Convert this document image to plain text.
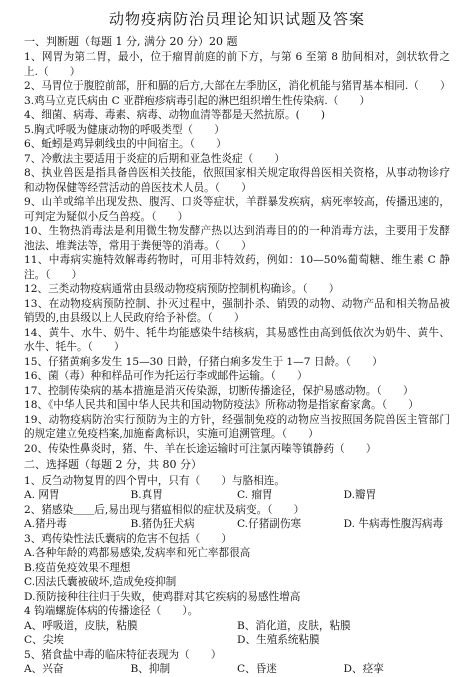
动物疫病防治员理论知识试题及答案
一、判断题（每题 1 分, 满分 20 分）20 题

1、网胃为第二胃，最小，位于瘤胃前庭的前下方，与第 6 至第 8 肋间相对，剑状软骨之上.（　　）

2、马胃位于腹腔前部，肝和膈的后方,大部在左季肋区，消化机能与猪胃基本相同.（　　）

3.鸡马立克氏病由 C 亚群疱疹病毒引起的淋巴组织增生性传染病.（　　）

4、细菌、病毒、毒素、病毒、动物血清等都是天然抗原。(　　)

5.胸式呼吸为健康动物的呼吸类型（　　）

6、蚯蚓是鸡异刺线虫的中间宿主。（　　）

7、冷敷法主要适用于炎症的后期和亚急性炎症（　　）

8、执业兽医是指具备兽医相关技能，依照国家相关规定取得兽医相关资格，从事动物诊疗和动物保健等经营活动的兽医技术人员。（　　）

9、山羊或绵羊出现发热、腹泻、口炎等症状，羊群暴发疾病，病死率较高，传播迅速的，可判定为疑似小反刍兽疫。（　　）

10、生物热消毒法是利用微生物发酵产热以达到消毒目的的一种消毒方法，主要用于发酵池法、堆粪法等，常用于粪便等的消毒。（　　）

11、中毒病实施特效解毒药物时，可用非特效药，例如：10—50%葡萄糖、维生素 C 静注。（　　）

12、三类动物疫病通常由县级动物疫病预防控制机构确诊。（　　）

13、在动物疫病预防控制、扑灭过程中，强制扑杀、销毁的动物、动物产品和相关物品被销毁的,由县级以上人民政府给予补偿。（　　）

14、黄牛、水牛、奶牛、牦牛均能感染牛结核病，其易感性由高到低依次为奶牛、黄牛、水牛、牦牛。（　　）

15、仔猪黄痢多发生 15—30 日龄，仔猪白痢多发生于 1—7 日龄。（　　）

16、菌（毒）种和样品可作为托运行李或邮件运输。（　　）

17、控制传染病的基本措施是消灭传染源，切断传播途径，保护易感动物。（　　）

18、《中华人民共和国中华人民共和国动物防疫法》所称动物是指家畜家禽。（　　）

19、动物疫病防治实行预防为主的方针，经强制免疫的动物应当按照国务院兽医主管部门的规定建立免疫档案,加施畜禽标识，实施可追溯管理。（　　）

20、传染性鼻炎时，猪、牛、羊在长途运输时可注氯丙嗪等镇静药（　　）

二、选择题（每题 2 分，共 80 分）

1、反刍动物复胃的四个胃中，只有（　　）与胳相连。

A. 网胃	B.真胃	C. 瘤胃	D.瓣胃

2、猪感染＿＿后,易出现与猪瘟相似的症状及病变。（　　）

A.猪丹毒	B.猪伪狂犬病	C.仔猪副伤寒	D. 牛病毒性腹泻病毒

3、鸡传染性法氏囊病的危害不包括（　　）

A.各种年龄的鸡都易感染,发病率和死亡率都很高
B.疫苗免疫效果不理想
C.因法氏囊被破坏,造成免疫抑制
D.预防接种往往归于失败，使鸡群对其它疾病的易感性增高

4 钩端螺旋体病的传播途径（　　）。

A、呼吸道，皮肤，粘膜	B、消化道，皮肤，粘膜
C、尖埃	D、生殖系统粘膜

5、猪食盐中毒的临床特征表现为（　　）

A、兴奋	B、抑制	C、昏迷	D、痉挛
